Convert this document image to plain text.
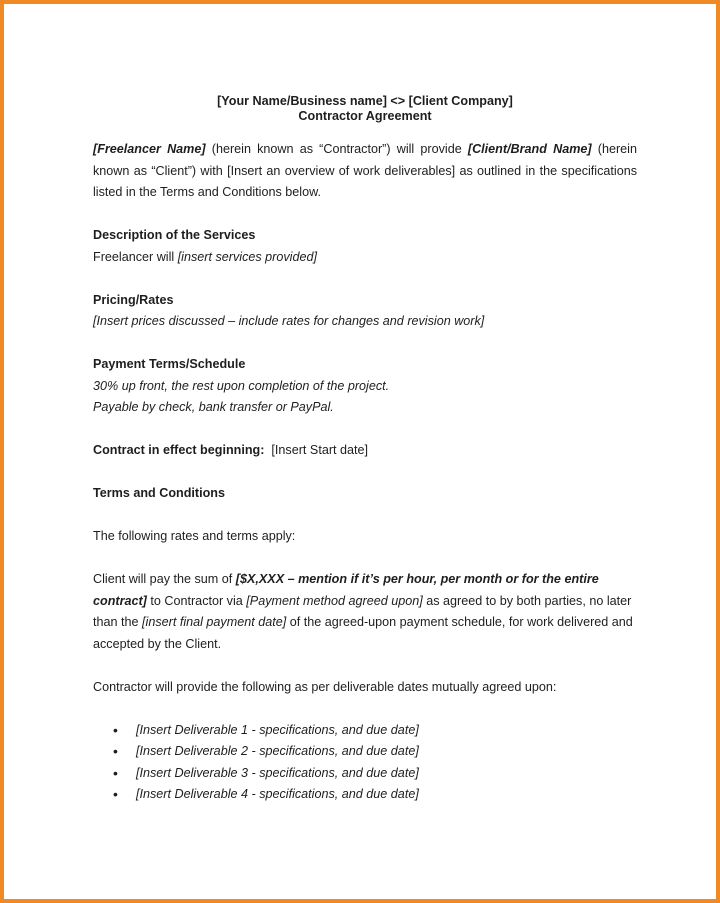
[Your Name/Business name] <> [Client Company]

Contractor Agreement

[Freelancer Name] (herein known as “Contractor”) will provide [Client/Brand Name] (herein known as “Client”) with [Insert an overview of work deliverables] as outlined in the specifications listed in the Terms and Conditions below.

Description of the Services

Freelancer will [insert services provided]

Pricing/Rates

[Insert prices discussed – include rates for changes and revision work]

Payment Terms/Schedule

30% up front, the rest upon completion of the project.

Payable by check, bank transfer or PayPal.

Contract in effect beginning:  [Insert Start date]

Terms and Conditions

The following rates and terms apply:

Client will pay the sum of [$X,XXX – mention if it’s per hour, per month or for the entire contract] to Contractor via [Payment method agreed upon] as agreed to by both parties, no later than the [insert final payment date] of the agreed-upon payment schedule, for work delivered and accepted by the Client.

Contractor will provide the following as per deliverable dates mutually agreed upon:

• [Insert Deliverable 1 - specifications, and due date]
• [Insert Deliverable 2 - specifications, and due date]
• [Insert Deliverable 3 - specifications, and due date]
• [Insert Deliverable 4 - specifications, and due date]
